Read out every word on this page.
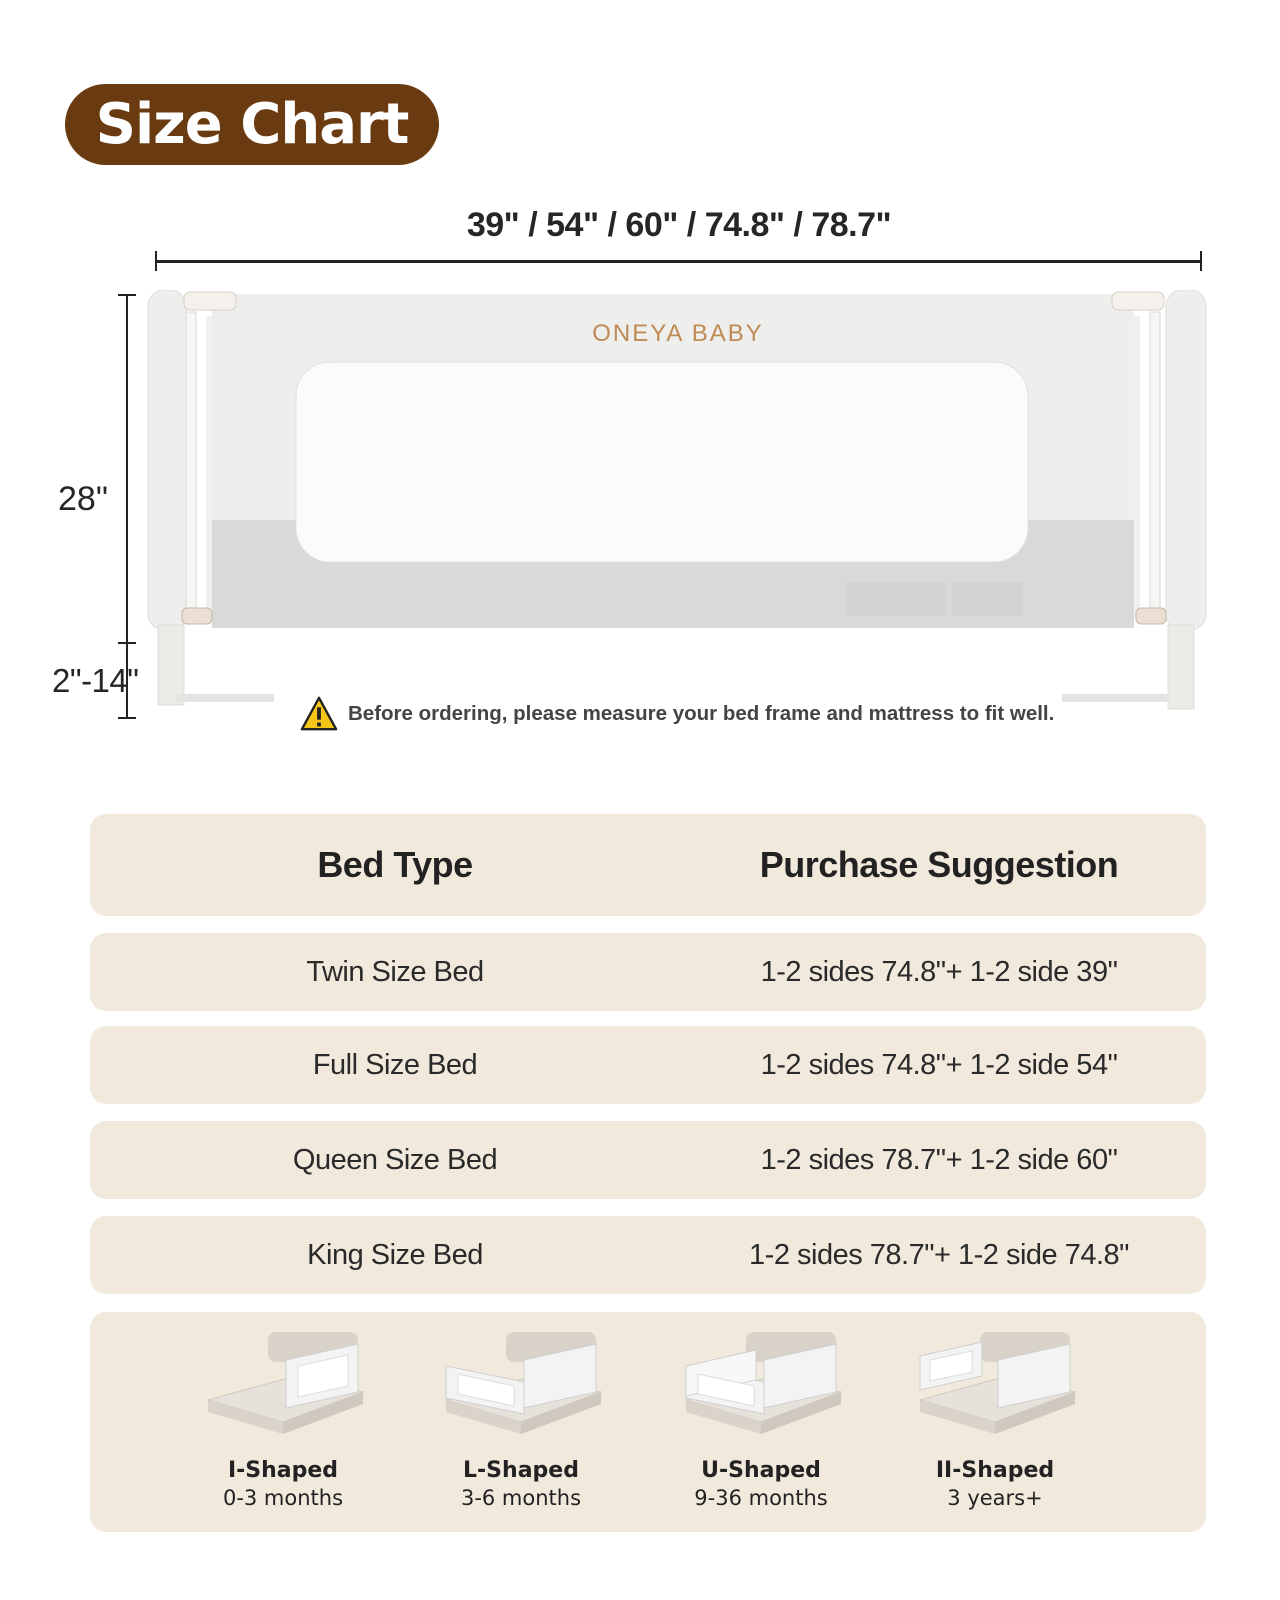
Size Chart
39" / 54" / 60" / 74.8" / 78.7"
28"
2"-14"
ONEYA BABY
Before ordering, please measure your bed frame and mattress to fit well.
Bed Type	Purchase Suggestion
Twin Size Bed	1-2 sides 74.8"+ 1-2 side 39"
Full Size Bed	1-2 sides 74.8"+ 1-2 side 54"
Queen Size Bed	1-2 sides 78.7"+ 1-2 side 60"
King Size Bed	1-2 sides 78.7"+ 1-2 side 74.8"
I-Shaped
0-3 months
L-Shaped
3-6 months
U-Shaped
9-36 months
II-Shaped
3 years+
